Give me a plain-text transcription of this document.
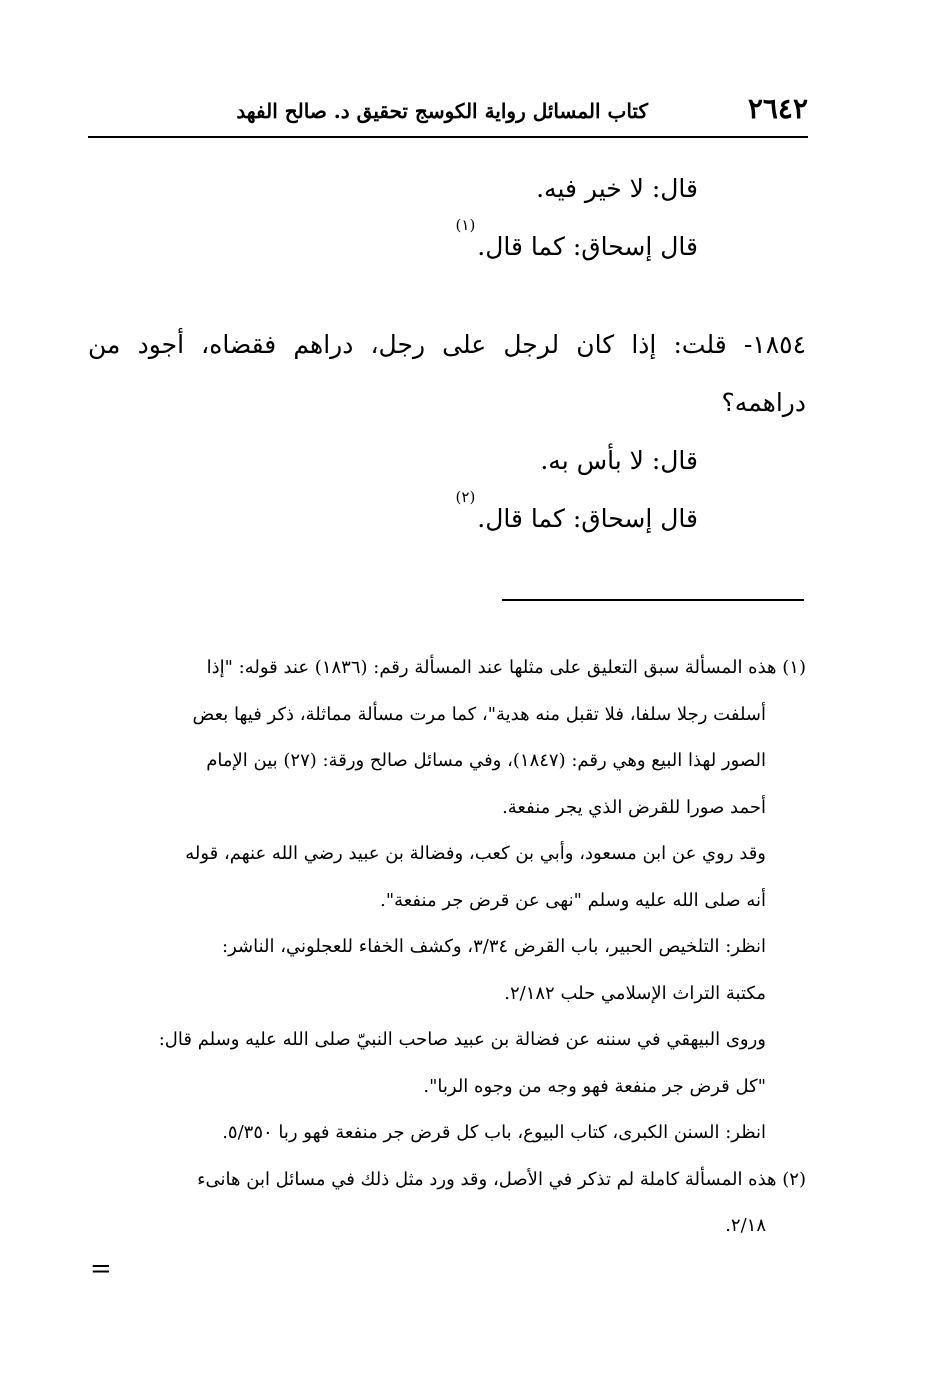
٢٦٤٢
كتاب المسائل رواية الكوسج تحقيق د. صالح الفهد

قال: لا خير فيه.

قال إسحاق: كما قال.$^{(١)}$

١٨٥٤- قلت: إذا كان لرجل على رجل، دراهم فقضاه، أجود من

دراهمه؟

قال: لا بأس به.

قال إسحاق: كما قال.$^{(٢)}$

(١) هذه المسألة سبق التعليق على مثلها عند المسألة رقم: (١٨٣٦) عند قوله: "إذا

أسلفت رجلا سلفا، فلا تقبل منه هدية"، كما مرت مسألة مماثلة، ذكر فيها بعض

الصور لهذا البيع وهي رقم: (١٨٤٧)، وفي مسائل صالح ورقة: (٢٧) بين الإمام

أحمد صورا للقرض الذي يجر منفعة.

وقد روي عن ابن مسعود، وأبي بن كعب، وفضالة بن عبيد رضي الله عنهم، قوله

أنه صلى الله عليه وسلم "نهى عن قرض جر منفعة".

انظر: التلخيص الحبير، باب القرض ٣/٣٤، وكشف الخفاء للعجلوني، الناشر:

مكتبة التراث الإسلامي حلب ٢/١٨٢.

وروى البيهقي في سننه عن فضالة بن عبيد صاحب النبيّ صلى الله عليه وسلم قال:

"كل قرض جر منفعة فهو وجه من وجوه الربا".

انظر: السنن الكبرى، كتاب البيوع، باب كل قرض جر منفعة فهو ربا ٥/٣٥٠.

(٢) هذه المسألة كاملة لم تذكر في الأصل، وقد ورد مثل ذلك في مسائل ابن هانىء

٢/١٨.

=
